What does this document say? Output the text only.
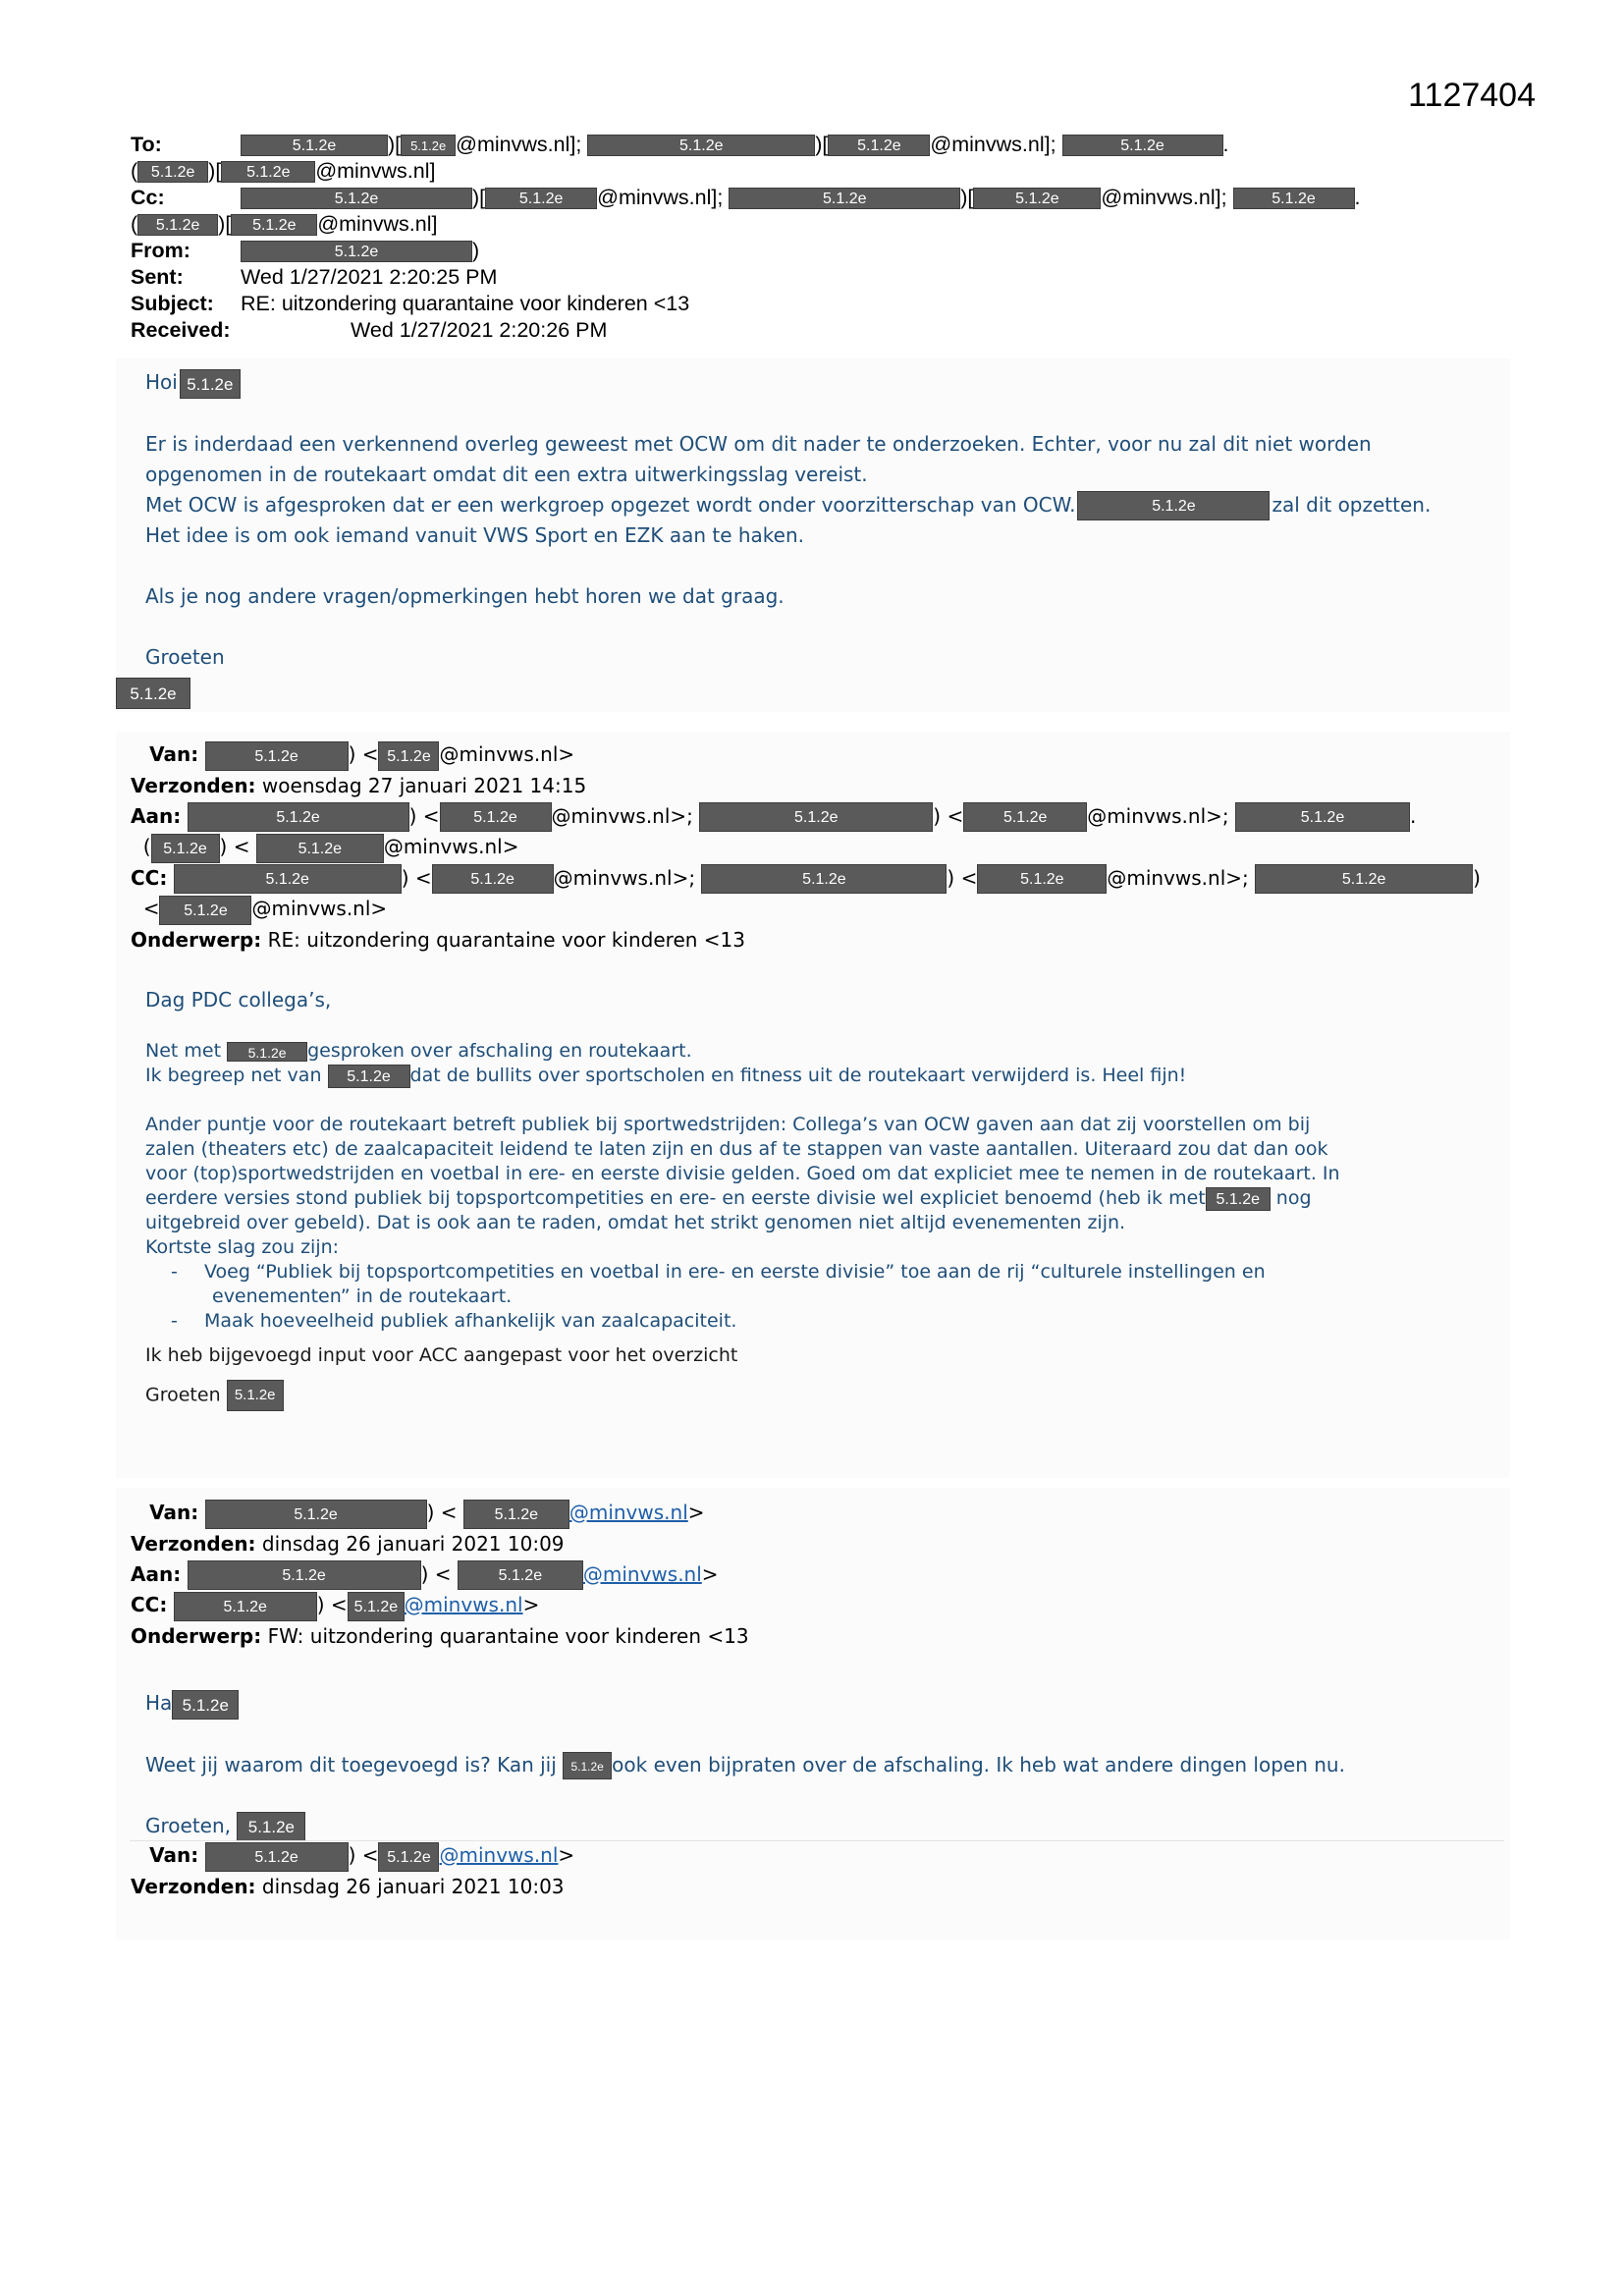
1127404
To:	5.1.2e )[ 5.1.2e @minvws.nl];	5.1.2e	)[ 5.1.2e @minvws.nl];	5.1.2e	.
( 5.1.2e )[ 5.1.2e @minvws.nl]
Cc:	5.1.2e	)[ 5.1.2e @minvws.nl];	5.1.2e	)[	5.1.2e @minvws.nl]; 5.1.2e .
( 5.1.2e )[ 5.1.2e @minvws.nl]
From:	5.1.2e	)
Sent:	Wed 1/27/2021 2:20:25 PM
Subject: RE: uitzondering quarantaine voor kinderen <13
Received:	Wed 1/27/2021 2:20:26 PM

Hoi 5.1.2e

Er is inderdaad een verkennend overleg geweest met OCW om dit nader te onderzoeken. Echter, voor nu zal dit niet worden

opgenomen in de routekaart omdat dit een extra uitwerkingsslag vereist.

Met OCW is afgesproken dat er een werkgroep opgezet wordt onder voorzitterschap van OCW.	5.1.2e	zal dit opzetten.

Het idee is om ook iemand vanuit VWS Sport en EZK aan te haken.

Als je nog andere vragen/opmerkingen hebt horen we dat graag.

Groeten

5.1.2e
Van:	5.1.2e	) < 5.1.2e @minvws.nl>
Verzonden: woensdag 27 januari 2021 14:15
Aan:	5.1.2e	) < 5.1.2e @minvws.nl>;	5.1.2e	) <	5.1.2e @minvws.nl>;	5.1.2e	.
( 5.1.2e ) <	5.1.2e @minvws.nl>
CC:	5.1.2e	) < 5.1.2e @minvws.nl>;	5.1.2e	) <	5.1.2e @minvws.nl>;	5.1.2e	)
< 5.1.2e @minvws.nl>
Onderwerp: RE: uitzondering quarantaine voor kinderen <13

Dag PDC collega’s,

Net met 5.1.2e gesproken over afschaling en routekaart.

Ik begreep net van 5.1.2e dat de bullits over sportscholen en fitness uit de routekaart verwijderd is. Heel fijn!

Ander puntje voor de routekaart betreft publiek bij sportwedstrijden: Collega’s van OCW gaven aan dat zij voorstellen om bij

zalen (theaters etc) de zaalcapaciteit leidend te laten zijn en dus af te stappen van vaste aantallen. Uiteraard zou dat dan ook

voor (top)sportwedstrijden en voetbal in ere- en eerste divisie gelden. Goed om dat expliciet mee te nemen in de routekaart. In

eerdere versies stond publiek bij topsportcompetities en ere- en eerste divisie wel expliciet benoemd (heb ik met 5.1.2e nog

uitgebreid over gebeld). Dat is ook aan te raden, omdat het strikt genomen niet altijd evenementen zijn.

Kortste slag zou zijn:

- Voeg “Publiek bij topsportcompetities en voetbal in ere- en eerste divisie” toe aan de rij “culturele instellingen en
evenementen” in de routekaart.
- Maak hoeveelheid publiek afhankelijk van zaalcapaciteit.

Ik heb bijgevoegd input voor ACC aangepast voor het overzicht

Groeten 5.1.2e

Van:	5.1.2e	) < 5.1.2e @minvws.nl>
Verzonden: dinsdag 26 januari 2021 10:09
Aan:	5.1.2e	) <	5.1.2e @minvws.nl>
CC:	5.1.2e	) < 5.1.2e @minvws.nl>
Onderwerp: FW: uitzondering quarantaine voor kinderen <13

Ha 5.1.2e

Weet jij waarom dit toegevoegd is? Kan jij 5.1.2e ook even bijpraten over de afschaling. Ik heb wat andere dingen lopen nu.

Groeten, 5.1.2e

Van:	5.1.2e	) < 5.1.2e @minvws.nl>
Verzonden: dinsdag 26 januari 2021 10:03
